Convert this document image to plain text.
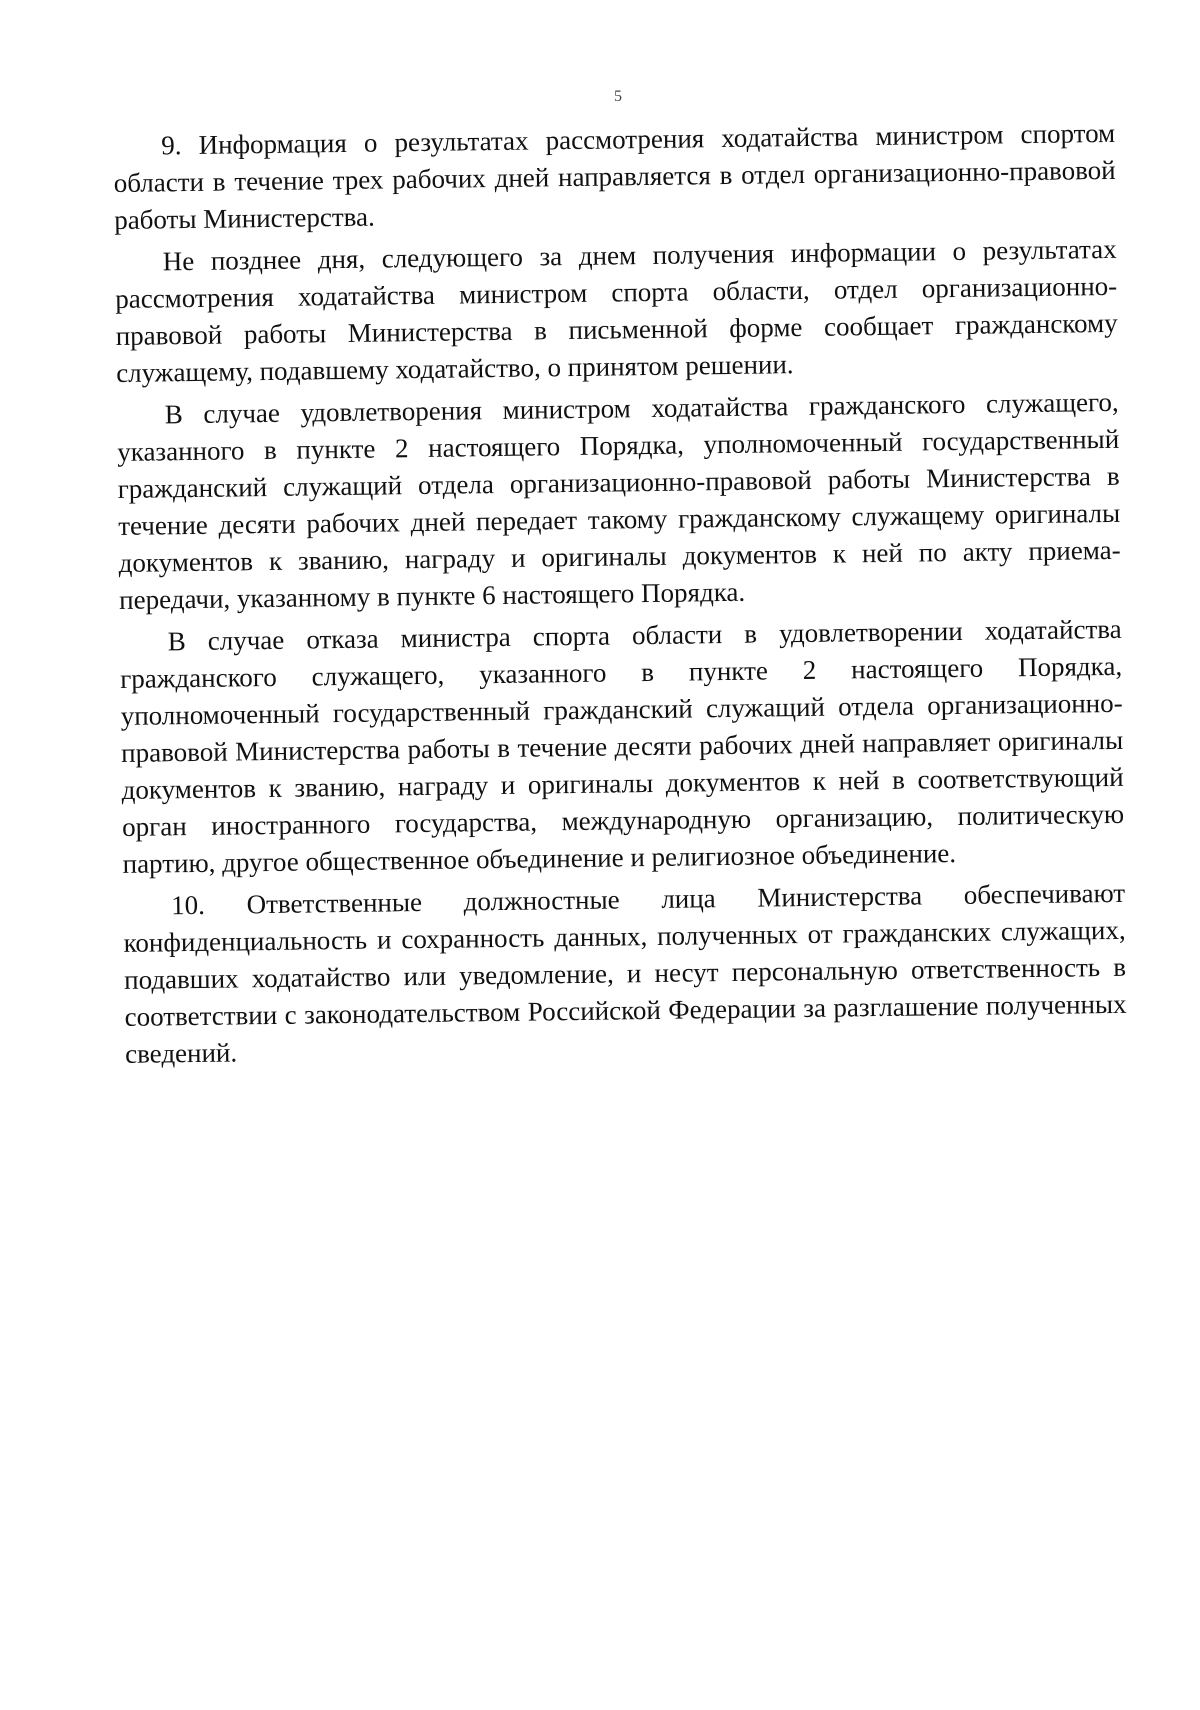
5

9. Информация о результатах рассмотрения ходатайства министром спортом области в течение трех рабочих дней направляется в отдел организационно-правовой работы Министерства.

Не позднее дня, следующего за днем получения информации о результатах рассмотрения ходатайства министром спорта области, отдел организационно-правовой работы Министерства в письменной форме сообщает гражданскому служащему, подавшему ходатайство, о принятом решении.

В случае удовлетворения министром ходатайства гражданского служащего, указанного в пункте 2 настоящего Порядка, уполномоченный государственный гражданский служащий отдела организационно-правовой работы Министерства в течение десяти рабочих дней передает такому гражданскому служащему оригиналы документов к званию, награду и оригиналы документов к ней по акту приема-передачи, указанному в пункте 6 настоящего Порядка.

В случае отказа министра спорта области в удовлетворении ходатайства гражданского служащего, указанного в пункте 2 настоящего Порядка, уполномоченный государственный гражданский служащий отдела организационно-правовой Министерства работы в течение десяти рабочих дней направляет оригиналы документов к званию, награду и оригиналы документов к ней в соответствующий орган иностранного государства, международную организацию, политическую партию, другое общественное объединение и религиозное объединение.

10. Ответственные должностные лица Министерства обеспечивают конфиденциальность и сохранность данных, полученных от гражданских служащих, подавших ходатайство или уведомление, и несут персональную ответственность в соответствии с законодательством Российской Федерации за разглашение полученных сведений.
